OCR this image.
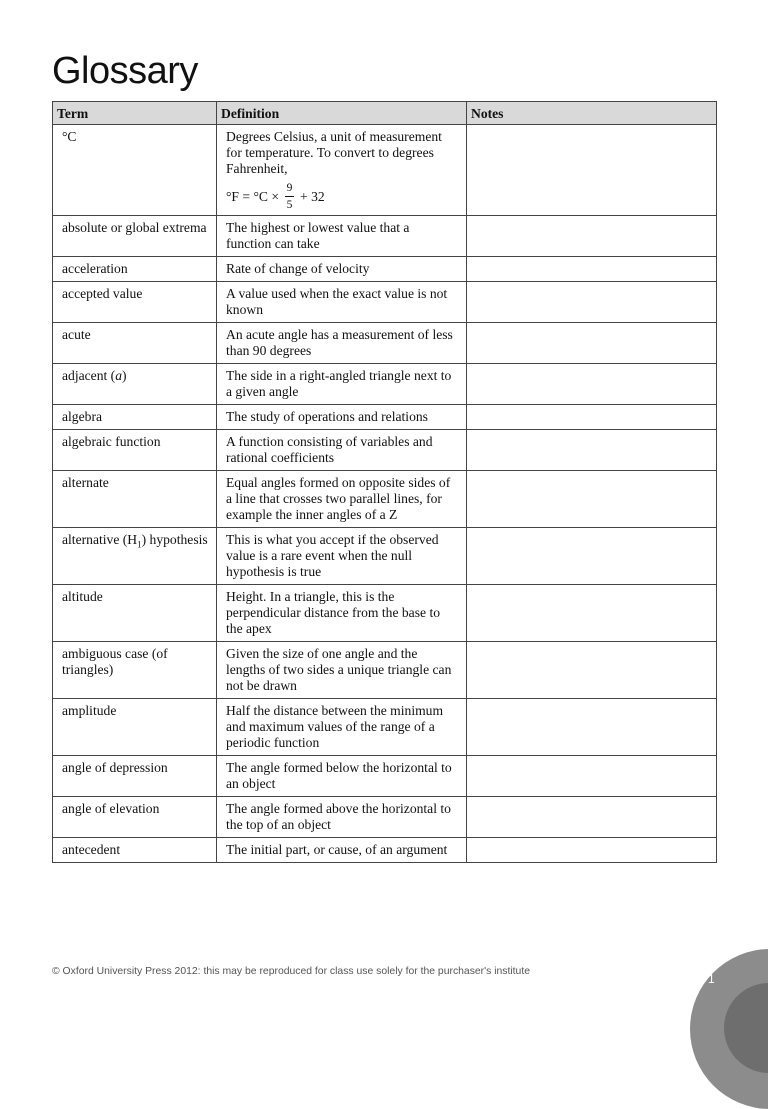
Glossary
Term	Definition	Notes
°C	Degrees Celsius, a unit of measurement for temperature. To convert to degrees Fahrenheit,
$^\circ F = ^\circ C \times \frac{9}{5} + 32$	

absolute or global extrema	The highest or lowest value that a function can take	
acceleration	Rate of change of velocity	
accepted value	A value used when the exact value is not known	
acute	An acute angle has a measurement of less than 90 degrees	
adjacent (a)	The side in a right-angled triangle next to a given angle	
algebra	The study of operations and relations	
algebraic function	A function consisting of variables and rational coefficients	
alternate	Equal angles formed on opposite sides of a line that crosses two parallel lines, for example the inner angles of a Z	
alternative $(H_1)$ hypothesis	This is what you accept if the observed value is a rare event when the null hypothesis is true	
altitude	Height. In a triangle, this is the perpendicular distance from the base to the apex	
ambiguous case (of triangles)	Given the size of one angle and the lengths of two sides a unique triangle can not be drawn	
amplitude	Half the distance between the minimum and maximum values of the range of a periodic function	
angle of depression	The angle formed below the horizontal to an object	
angle of elevation	The angle formed above the horizontal to the top of an object	
antecedent	The initial part, or cause, of an argument	
© Oxford University Press 2012: this may be reproduced for class use solely for the purchaser's institute
1
